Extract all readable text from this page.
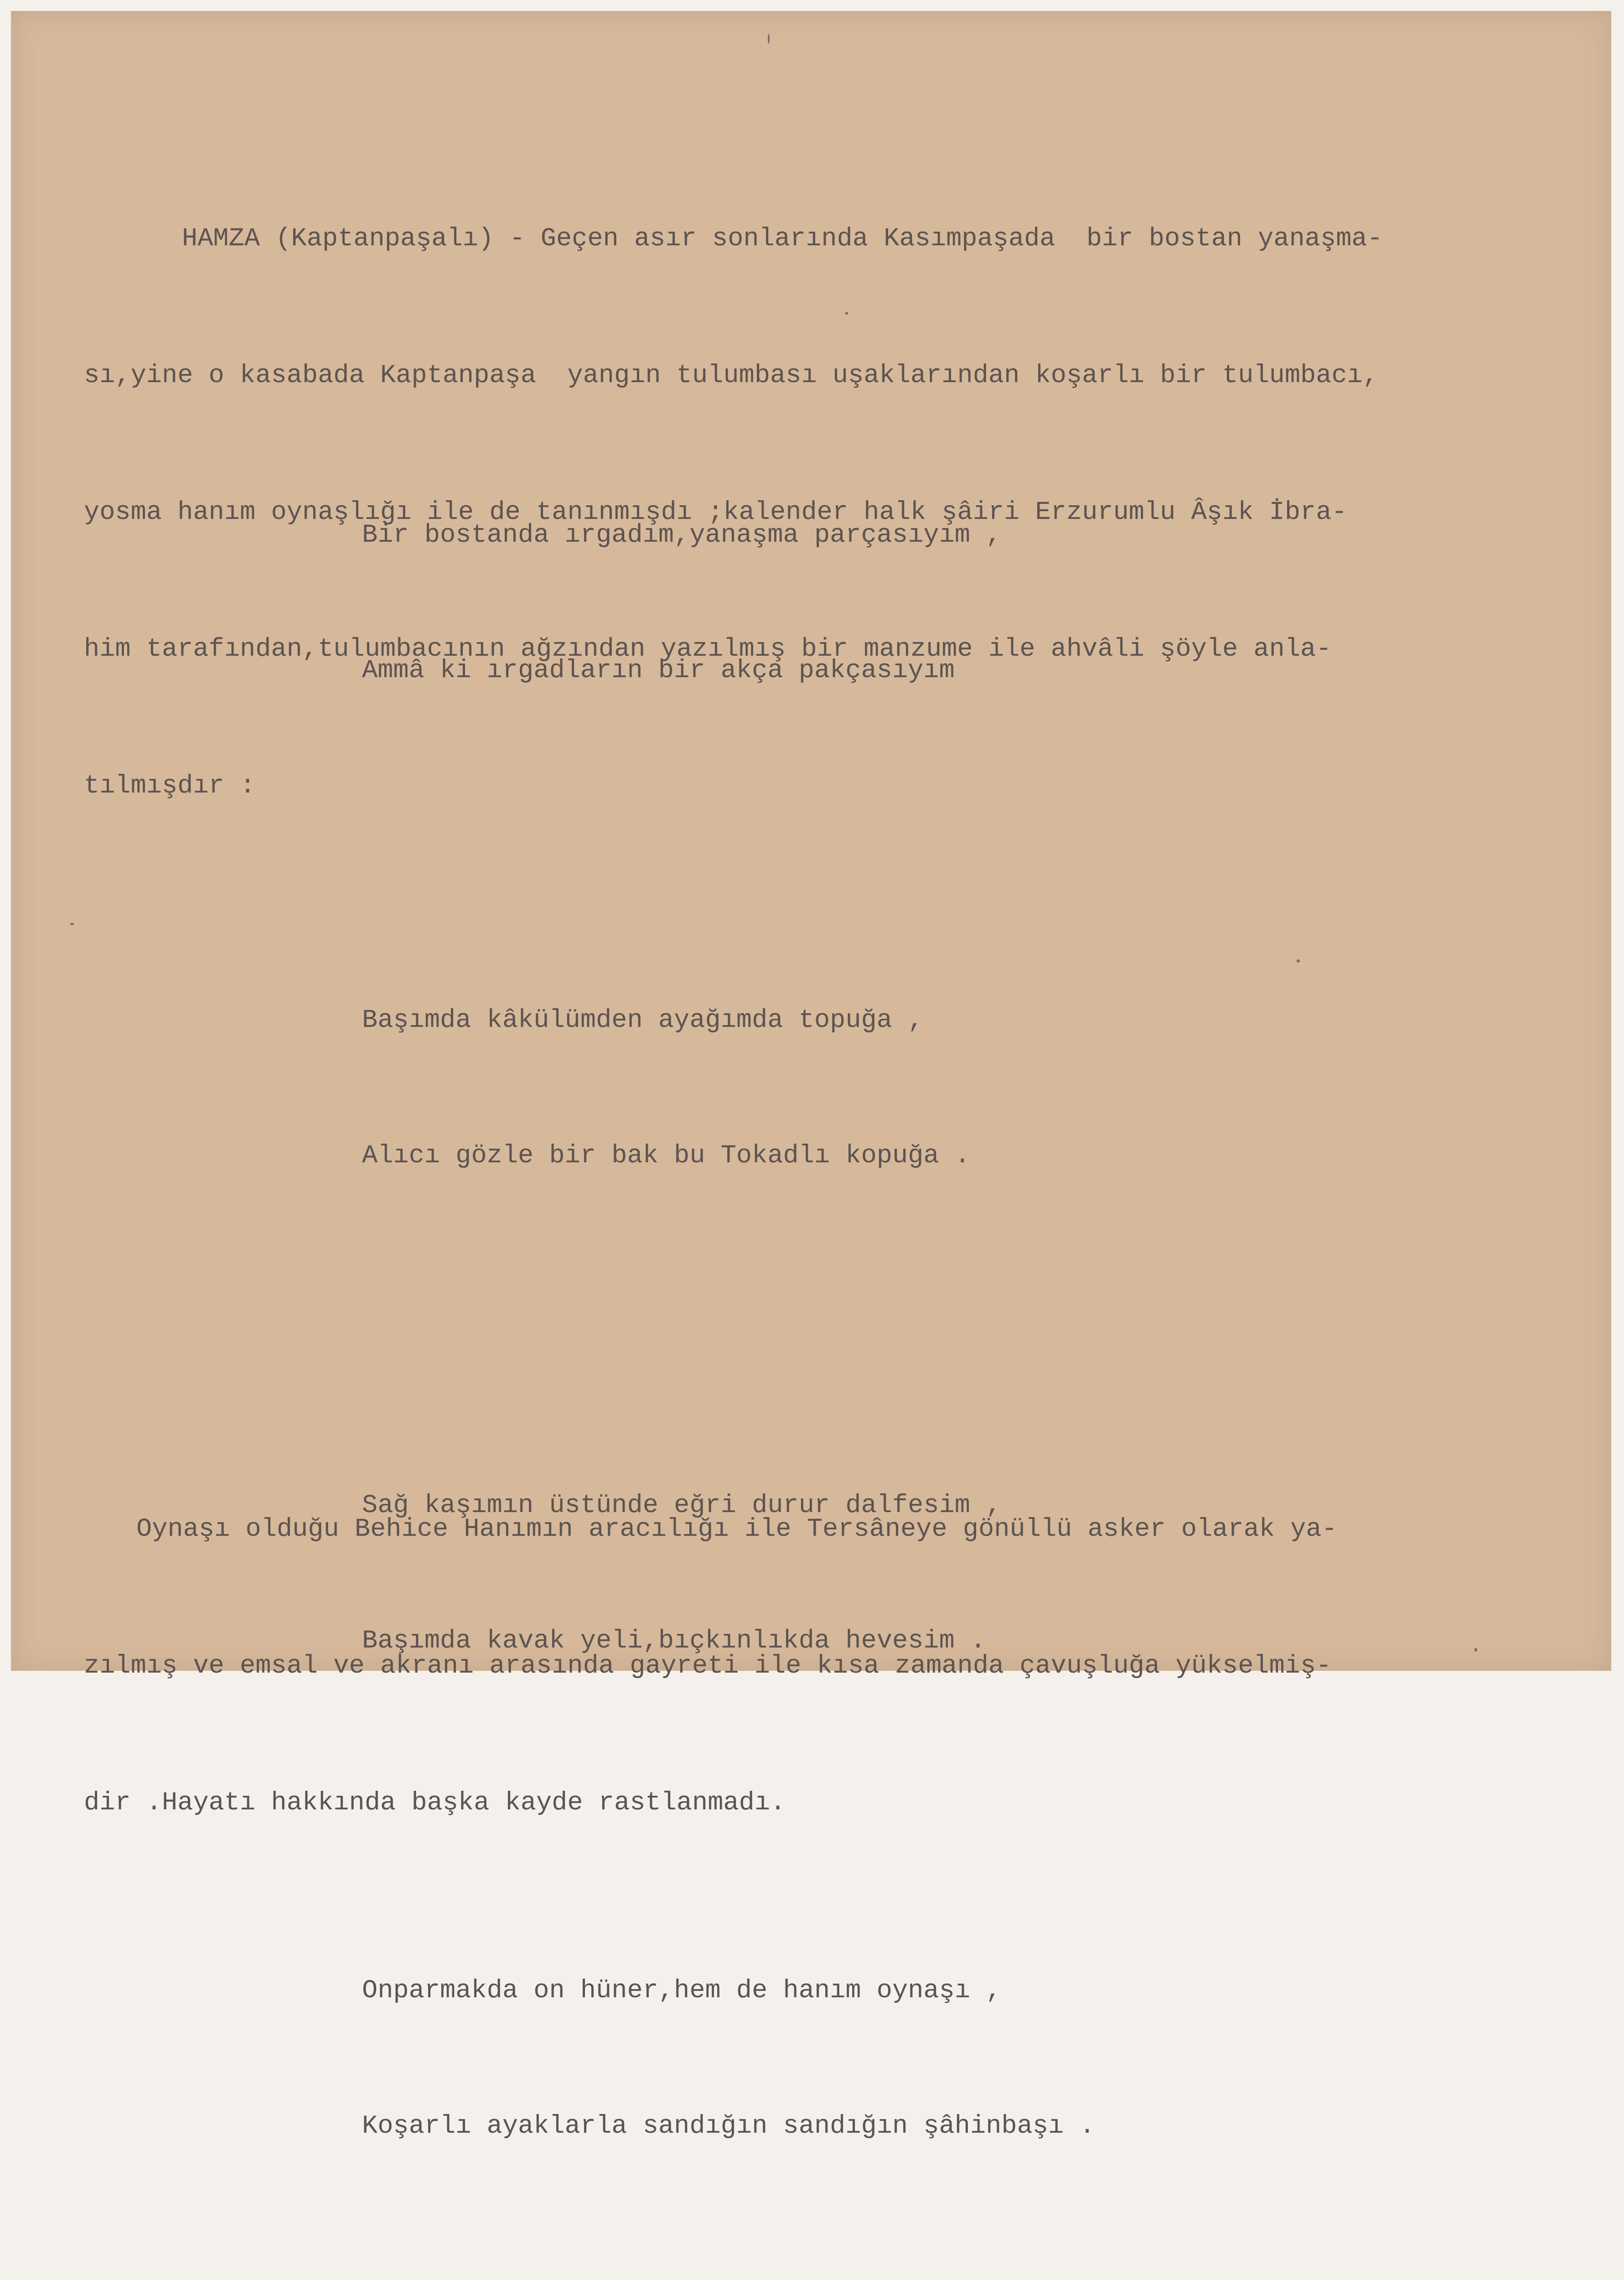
HAMZA (Kaptanpaşalı) - Geçen asır sonlarında Kasımpaşada  bir bostan yanaşma-

sı,yine o kasabada Kaptanpaşa  yangın tulumbası uşaklarından koşarlı bir tulumbacı,

yosma hanım oynaşlığı ile de tanınmışdı ;kalender halk şâiri Erzurumlu Âşık İbra-

him tarafından,tulumbacının ağzından yazılmış bir manzume ile ahvâli şöyle anla-

tılmışdır :

Bir bostanda ırgadım,yanaşma parçasıyım ,

Ammâ ki ırgadların bir akça pakçasıyım

Başımda kâkülümden ayağımda topuğa ,

Alıcı gözle bir bak bu Tokadlı kopuğa .

Sağ kaşımın üstünde eğri durur dalfesim ,

Başımda kavak yeli,bıçkınlıkda hevesim .

Onparmakda on hüner,hem de hanım oynaşı ,

Koşarlı ayaklarla sandığın sandığın şâhinbaşı .

Oynaşı olduğu Behice Hanımın aracılığı ile Tersâneye gönüllü asker olarak ya-

zılmış ve emsal ve akranı arasında gayreti ile kısa zamanda çavuşluğa yükselmiş-

dir .Hayatı hakkında başka kayde rastlanmadı.
